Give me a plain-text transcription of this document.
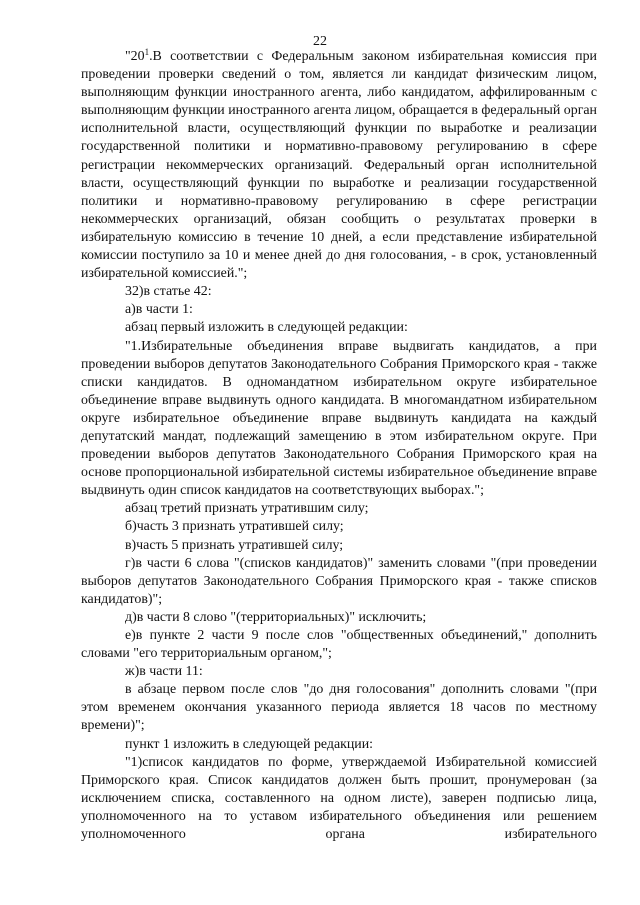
22

"$20^1.В$ соответствии с Федеральным законом избирательная комиссия при проведении проверки сведений о том, является ли кандидат физическим лицом, выполняющим функции иностранного агента, либо кандидатом, аффилированным с выполняющим функции иностранного агента лицом, обращается в федеральный орган исполнительной власти, осуществляющий функции по выработке и реализации государственной политики и нормативно-правовому регулированию в сфере регистрации некоммерческих организаций. Федеральный орган исполнительной власти, осуществляющий функции по выработке и реализации государственной политики и нормативно-правовому регулированию в сфере регистрации некоммерческих организаций, обязан сообщить о результатах проверки в избирательную комиссию в течение 10 дней, а если представление избирательной комиссии поступило за 10 и менее дней до дня голосования, - в срок, установленный избирательной комиссией.";

32)в статье 42:

а)в части 1:

абзац первый изложить в следующей редакции:

"1.Избирательные объединения вправе выдвигать кандидатов, а при проведении выборов депутатов Законодательного Собрания Приморского края - также списки кандидатов. В одномандатном избирательном округе избирательное объединение вправе выдвинуть одного кандидата. В многомандатном избирательном округе избирательное объединение вправе выдвинуть кандидата на каждый депутатский мандат, подлежащий замещению в этом избирательном округе. При проведении выборов депутатов Законодательного Собрания Приморского края на основе пропорциональной избирательной системы избирательное объединение вправе выдвинуть один список кандидатов на соответствующих выборах.";

абзац третий признать утратившим силу;

б)часть 3 признать утратившей силу;

в)часть 5 признать утратившей силу;

г)в части 6 слова "(списков кандидатов)" заменить словами "(при проведении выборов депутатов Законодательного Собрания Приморского края - также списков кандидатов)";

д)в части 8 слово "(территориальных)" исключить;

е)в пункте 2 части 9 после слов "общественных объединений," дополнить словами "его территориальным органом,";

ж)в части 11:

в абзаце первом после слов "до дня голосования" дополнить словами "(при этом временем окончания указанного периода является 18 часов по местному времени)";

пункт 1 изложить в следующей редакции:

"1)список кандидатов по форме, утверждаемой Избирательной комиссией Приморского края. Список кандидатов должен быть прошит, пронумерован (за исключением списка, составленного на одном листе), заверен подписью лица, уполномоченного на то уставом избирательного объединения или решением уполномоченного органа избирательного
